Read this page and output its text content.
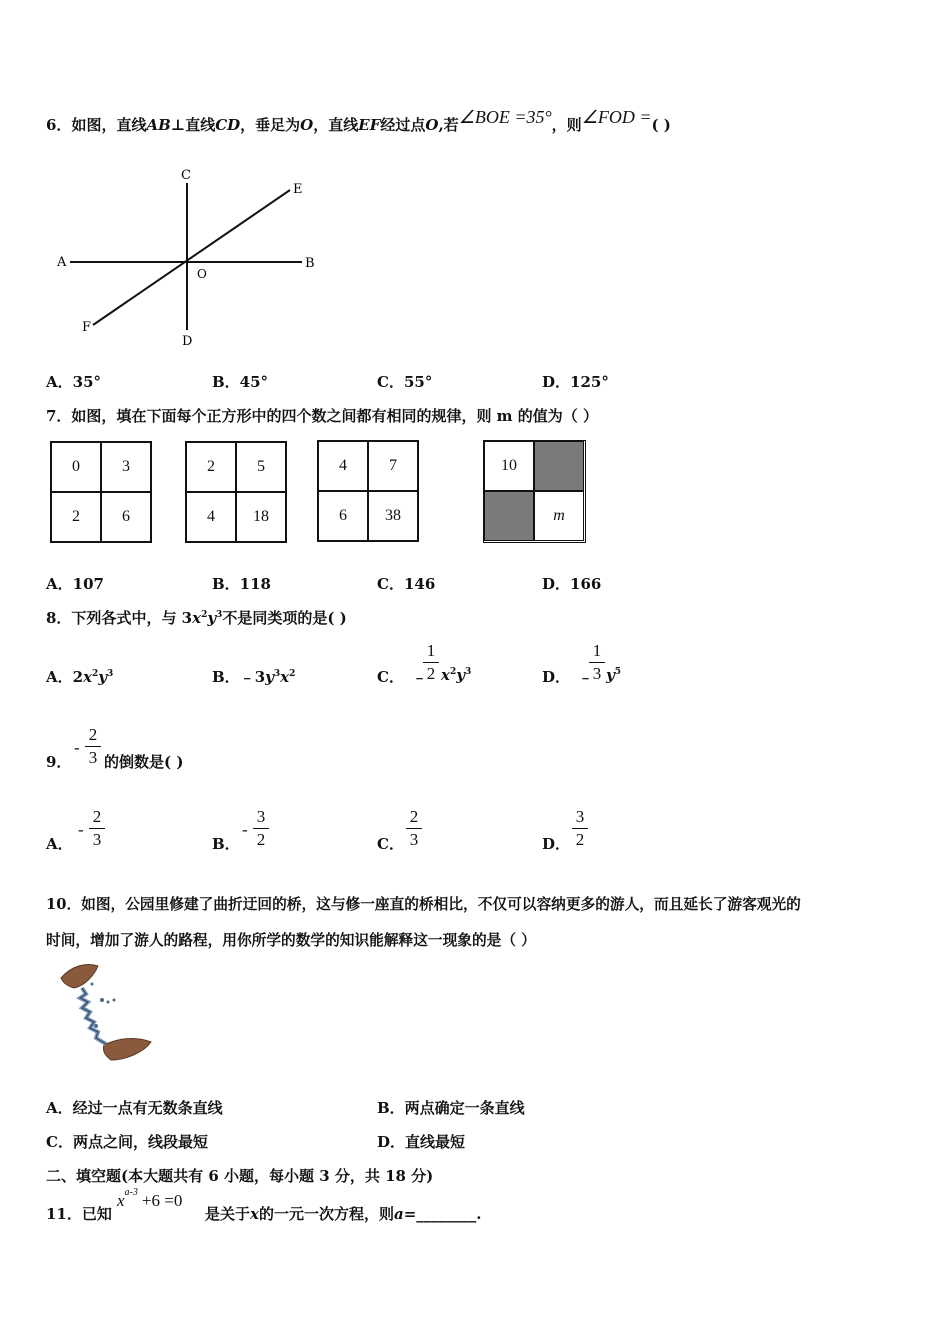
6．如图，直线AB⊥直线CD，垂足为O，直线EF经过点O,若∠BOE =35°，则∠FOD =( )
C
E
A
O
B
F
D
A．35°	B．45°	C．55°	D．125°
7．如图，填在下面每个正方形中的四个数之间都有相同的规律，则 m 的值为（ ）
0	3
2	6
2	5
4	18
4	7
6	38
10
m
A．107	B．118	C．146	D．166
8．下列各式中，与 $3x^2y^3$不是同类项的是( )
A．$2x^2y^3$	B．$﹣3y^3x^2$	C． ﹣
1
2 $x^2y^3$	D． ﹣
1
3 $y^5$
9．
-
2
3 的倒数是( )
A．
-
2
3	B．
-
3
2	C．
2
3	D．
3
2
10．如图，公园里修建了曲折迂回的桥，这与修一座直的桥相比，不仅可以容纳更多的游人，而且延长了游客观光的
时间，增加了游人的路程，用你所学的数学的知识能解释这一现象的是（ ）
A．经过一点有无数条直线	B．两点确定一条直线
C．两点之间，线段最短	D．直线最短
二、填空题(本大题共有 6 小题，每小题 3 分，共 18 分)
11．已知
$x^{a-3} +6 =0$
是关于x的一元一次方程，则a=________.
